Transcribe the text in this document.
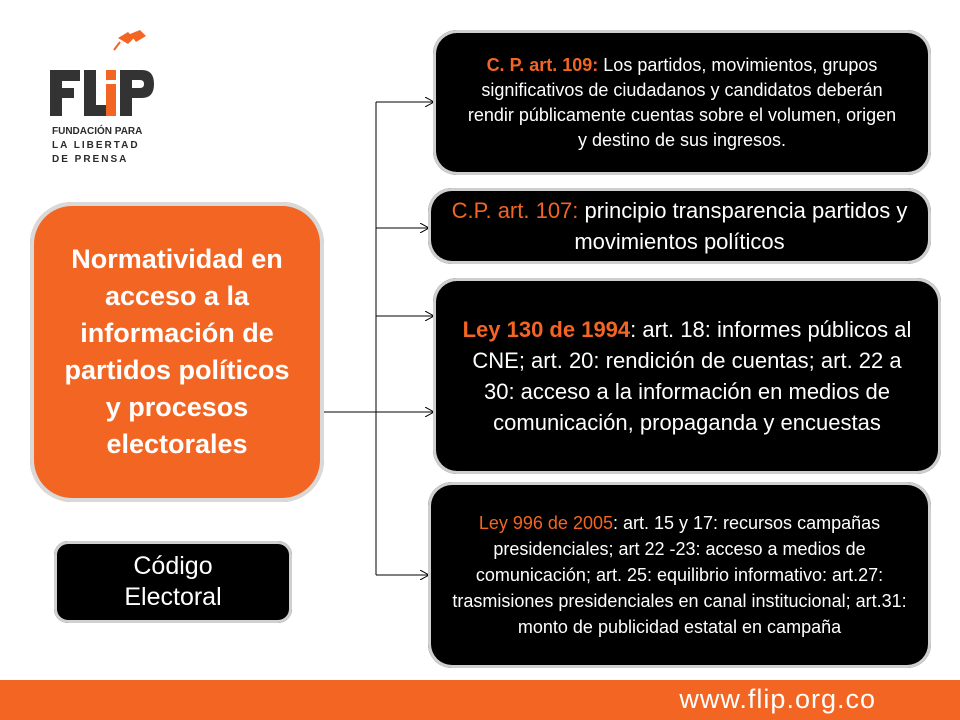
FUNDACIÓN PARA
LA LIBERTAD
DE PRENSA
Normatividad en acceso a la información de partidos políticos y procesos electorales
Código Electoral
C. P. art. 109: Los partidos, movimientos, grupos significativos de ciudadanos y candidatos deberán rendir públicamente cuentas sobre el volumen, origen y destino de sus ingresos.
C.P. art. 107: principio transparencia partidos y movimientos políticos
Ley 130 de 1994: art. 18: informes públicos al CNE; art. 20: rendición de cuentas; art. 22 a 30: acceso a la información en medios de comunicación, propaganda y encuestas
Ley 996 de 2005: art. 15 y 17: recursos campañas presidenciales; art 22 -23: acceso a medios de comunicación; art. 25: equilibrio informativo: art.27: trasmisiones presidenciales en canal institucional; art.31: monto de publicidad estatal en campaña
www.flip.org.co
